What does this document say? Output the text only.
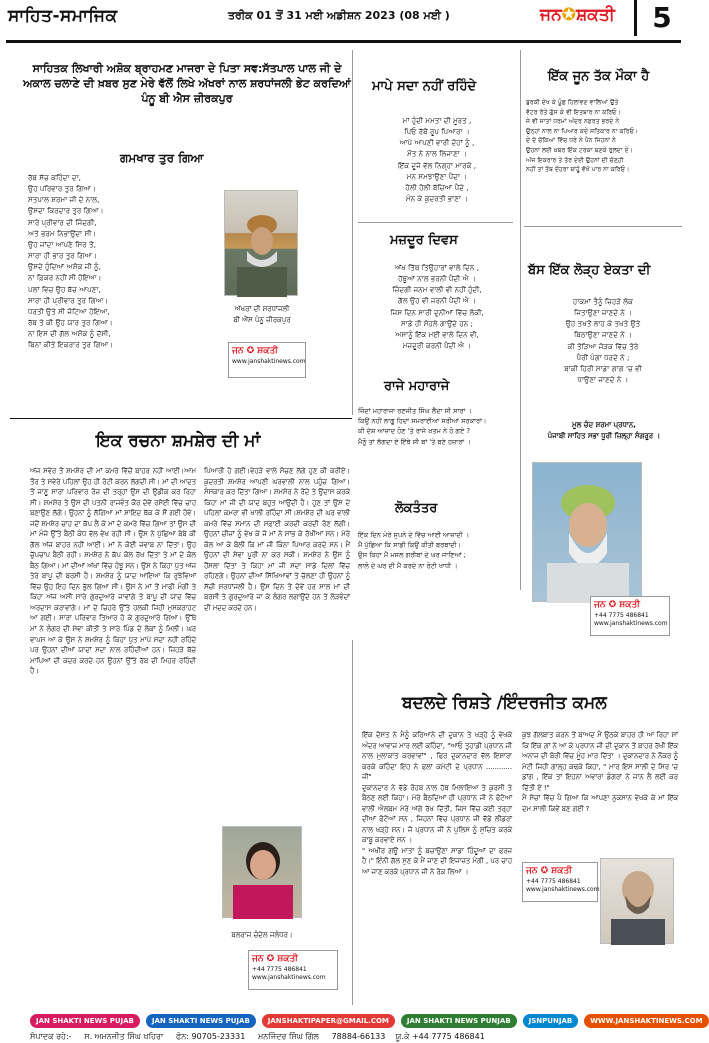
ਸਾਹਿਤ-ਸਮਾਜਿਕ	ਤਰੀਕ 01 ਤੋਂ 31 ਮਈ ਅਡੀਸ਼ਨ 2023 (08 ਮਈ )	ਜਨ✪ਸ਼ਕਤੀ	5
ਸਾਹਿਤਕ ਲਿਖਾਰੀ ਅਸ਼ੋਕ ਬ੍ਰਾਹਮਣ ਮਾਜਰਾ ਦੇ ਪਿਤਾ ਸਵ:ਸੱਤਪਾਲ ਪਾਲ ਜੀ ਦੇ ਅਕਾਲ ਚਲਾਣੇ ਦੀ ਖ਼ਬਰ ਸੁਣ ਮੇਰੇ ਵੱਲੋਂ ਲਿਖੇ ਅੱਖਰਾਂ ਨਾਲ ਸ਼ਰਧਾਂਜਲੀ ਭੇਟ ਕਰਦਿਆਂ ਪੰਨੂ ਬੀ ਐਸ ਜ਼ੀਰਕਪੁਰ
ਗਮਖਾਰ ਤੁਰ ਗਿਆ
ਰੱਬ ਸੱਚ ਕਹਿੰਦਾ ਦਾ,
ਉਹ ਪਰਿਵਾਰ ਤੁਰ ਗਿਆ।
ਸਤਪਾਲ ਸ਼ਰਮਾ ਜੀ ਦੇ ਨਾਲ,
ਉਸਦਾ ਕਿਰਦਾਰ ਤੁਰ ਗਿਆ।
ਸਾਰੇ ਪ੍ਰੀਵਾਰ ਦੀ ਜਿੰਦਗੀ,
ਅਤੇ ਭਰਮ ਨਿਭਾਉਂਦਾ ਸੀ।
ਉਹ ਜਾਂਦਾ ਆਪਣੇ ਸਿਰ ਤੋਂ,
ਸਾਰਾ ਹੀ ਭਾਰ ਤੁਰ ਗਿਆ।
ਉਸਦੇ ਹੁੰਦਿਆਂ ਅਸ਼ੋਕ ਜੀ ਨੂੰ,
ਨਾ ਫ਼ਿਕਰ ਨਹੀਂ ਸੀ ਹੋਇਆ।
ਪਲਾਂ ਵਿਚ ਉਹ ਬੱਚ ਆਪਣਾ,
ਸਾਰਾ ਹੀ ਪ੍ਰੀਵਾਰ ਤੁਰ ਗਿਆ।
ਧਰਤੀ ਉਤੇ ਸੀ ਜੋਟਿਆ ਹੋਇਆ,
ਰੱਬ ਤੇ ਕੀ ਉਹ ਯਾਰ ਤੁਰ ਗਿਆ।
ਨਾ ਇਸ ਦੀ ਗੱਲ ਅਸ਼ੋਕ ਨੂੰ ਦੱਸੀ,
ਬਿਨਾਂ ਕੀਤੇ ਇਕਰਾਰ ਤੁਰ ਗਿਆ।
ਅੱਖਰਾਂ ਦੀ ਸ਼ਰਧਾਂਜਲੀ
ਬੀ ਐੱਸ ਪੰਨੂ ਜ਼ੀਰਕਪੁਰ
ਜਨ ✪ ਸ਼ਕਤੀ
www.janshaktinews.com
ਮਾਪੇ ਸਦਾ ਨਹੀਂ ਰਹਿੰਦੇ
ਮਾਂ ਹੁੰਦੀ ਮਮਤਾ ਦੀ ਮੂਰਤ ,
ਪਿਓ ਰੱਬੋਂ ਰੂਪ ਪਿਆਰਾ ।
ਆਪੇ ਆਪਣੀ ਵਾਰੀ ਦੋਹਾਂ ਨੂੰ ,
ਮੌਤ ਨੇ ਨਾਲ ਲਿਜਾਣਾ ।
ਇੱਕ ਦੂਜੇ ਵੱਲ ਨਿਗ੍ਹਾ ਮਾਰਕੇ ,
ਮਨ ਸਮਝਾਉਣਾ ਪੈਂਦਾ ।
ਹੋਲੀ ਹੋਲੀ ਬੱਚਿਆਂ ਪੈਂਦੇ ,
ਮੰਨ ਕੇ ਕੁਦਰਤੀ ਭਾਣਾ ।
ਮਜ਼ਦੂਰ ਦਿਵਸ
ਅੱਖ ਤਿੱਥ ਤਿਉਹਾਰਾਂ ਵਾਲੇ ਦਿਨ ,
ਹੱਥੂਆਂ ਨਾਲ ਭਰਨੀ ਪੈਂਦੀ ਐ ।
ਜ਼ਿੰਦਗੀ ਜਨਮ ਵਾਲੀ ਵੀ ਨਹੀਂ ਹੁੰਦੀ,
ਗੱਲ ਉਹ ਵੀ ਜਰਨੀ ਪੈਂਦੀ ਐ ।
ਜਿਸ ਦਿਨ ਸਾਰੀ ਦੁਨੀਆਂ ਵਿੱਚ ਲੋਕੀਂ,
ਸਾਡੇ ਹੀ ਸੋਹਲੇ ਗਾਉਂਦੇ ਹਨ ;
ਅਸਾਨੂੰ ਇੱਕ ਮਈ ਵਾਲੇ ਦਿਨ ਵੀ,
ਮਜ਼ਦੂਰੀ ਕਰਨੀ ਪੈਂਦੀ ਐ ।
ਰਾਜੇ ਮਹਾਰਾਜੇ
ਜਿੰਦਾਂ ਮਹਾਰਾਜਾ ਰਣਜੀਤ ਸਿੰਘ ਲੈਂਦਾ ਸੀ ਸਾਰਾਂ ।
ਕਿਉਂ ਨਹੀਂ ਲਾਗੂ ਹਿਦਾਂ ਸਮਰਾਈਆਂ ਸਰੀਆਂ ਸਰਕਾਰਾਂ।
ਕੀ ਦੇਸ਼ ਆਜ਼ਾਦ ਹੋਣ 'ਤੇ ਰਾਜੇ ਖ਼ਤਮ ਨੇ ਹੋ ਗਏ ?
ਮੈਨੂੰ ਤਾਂ ਲੱਗਦਾ ਏ ਇੱਥੇ ਸੀ ਬਾਂ 'ਤੇ ਬਣੇ ਹਜ਼ਾਰਾਂ ।
ਲੋਕਤੰਤਰ
ਇੱਕ ਦਿਨ ਮੇਰੇ ਸੁਪਨੇ ਦੇ ਵਿੱਚ ਆਈ ਆਜ਼ਾਦੀ ।
ਮੈਂ ਪੁੱਛਿਆ ਕਿ ਸਾਡੀ ਕਿਉਂ ਕੀਤੀ ਬਰਬਾਦੀ।
ਉਸ ਕਿਹਾ ਮੈਂ ਮਸਲ ਗਰੀਬਾਂ ਦੇ ਘਰ ਜਾਣਿਆਂ ;
ਲਾਲੋ ਦੇ ਘਰ ਦੀ ਮੈਂ ਕਰਦੇ ਨਾ ਰੋਟੀ ਖਾਧੀ ।
ਇੱਕ ਜੂਨ ਤੱਕ ਮੌਕਾ ਹੈ
ਬੁਰਕੀ ਦੇਖ ਕੇ ਪੂੰਛ ਹਿਲਾਵਣ ਵਾਲਿਆਂ ਉਤੇ
ਵੋਟਰ ਰੱਤੇ ਗੁੱਸ ਕੇ ਵੀ ਇਤਬਾਰ ਨਾ ਕਰਿਓ।
ਜੇ ਵੀ ਜਾਤਾਂ ਧਰਮਾਂ ਅੰਦਰ ਨਫ਼ਰਤ ਭਰਦੇ ਨੇ
ਉਨ੍ਹਾਂ ਨਾਲ ਨਾ ਪਿਆਰ ਕਦੇ ਸਤਿਕਾਰ ਨਾ ਕਰਿਓ।
ਦੇ ਦੋ ਚੋਂਕਿਆਂ ਵਿੱਚ ਧਰੇ ਨੇ ਪੈਨ ਜਿਹਨਾਂ ਨੇ
ਉਹਨਾਂ ਲਈ ਖ਼ਬਰ ਇੱਕ ਟਰਕਾ ਬਣਕੇ ਰੁਲਦਾ ਏ।
ਅੱਜ ਇਕਰਾਰ ਤੇ ਤੋਰ ਦੇਈ ਉਹਨਾਂ ਦੀ ਚੋਣ੍ਹੀ
ਨਹੀਂ ਤਾਂ ਤੋਬ ਦੋਹਰਾ ਬਾਂਹੂੰ ਵੱਖੋਂ ਪਾਰ ਨਾ ਕਰਿਓ।
ਬੱਸ ਇੱਕ ਲੋੜ੍ਹ ਏਕਤਾ ਦੀ
ਹਾਕਮਾਂ ਤੈਨੂੰ ਜ਼ਿਹੜੇ ਲੋਕ
ਜਿਤਾਉਣਾ ਜਾਣਦੇ ਨੇ ।
ਉਹ ਤਖਤੋਂ ਲਾਹ ਕੇ ਤਖਤੇ ਉਤੇ
ਬਿਠਾਉਣਾ ਜਾਣਦੇ ਨੇ ।
ਕੀ ਤੋੜਿਆ ਜੋੜਕ ਵਿੱਚ ਤੋਰੇ
ਪੈਰੀਂ ਪੰਗਾ ਧਰਦੇ ਨੇ ;
ਬਾਕੀ ਹਿਰੀ ਸਾਡਾ ਗਾਗ 'ਚ ਵੀ
ਧਾਉਣਾ ਜਾਣਦੇ ਨੇ ।
ਮੂਲ ਚੰਦ ਸ਼ਰਮਾ ਪ੍ਰਧਾਨ,
ਪੰਜਾਬੀ ਸਾਹਿਤ ਸਭਾ ਧੂਰੀ ਜ਼ਿਲ੍ਹਾ ਸੰਗਰੂਰ ।
ਜਨ ✪ ਸ਼ਕਤੀ
+44 7775 486841
www.janshaktinews.com
ਇਕ ਰਚਨਾ ਸ਼ਮਸ਼ੇਰ ਦੀ ਮਾਂ
ਅੱਜ ਸਵੇਰ ਤੋਂ ਸ਼ਮਸ਼ੇਰ ਦੀ ਮਾਂ ਕਮਰੇ ਵਿੱਚੋਂ ਬਾਹਰ ਨਹੀਂ ਆਈ।ਆਮ ਤੌਰ ਤੇ ਸਵੇਰੇ ਪਹਿਲਾਂ ਉਹ ਹੀ ਰੋਟੀ ਕਰਨ ਲੱਗਦੀ ਸੀ। ਮਾਂ ਦੀ ਆਦਤ ਤੋਂ ਜਾਣੂ ਸਾਰਾ ਪਰਿਵਾਰ ਰੋਜ਼ ਦੀ ਤਰ੍ਹਾਂ ਉਸ ਦੀ ਉਡੀਕ ਕਰ ਰਿਹਾ ਸੀ। ਸ਼ਮਸ਼ੇਰ ਤੇ ਉਸ ਦੀ ਪਤਨੀ ਰਾਜਵੰਤ ਕੌਰ ਦੋਵੇਂ ਰਸੋਈ ਵਿੱਚ ਚਾਹ ਬਣਾਉਣ ਲੱਗੇ। ਉਹਨਾਂ ਨੂੰ ਲੱਗਿਆ ਮਾਂ ਸ਼ਾਇਦ ਥੱਕ ਕੇ ਸੌਂ ਗਈ ਹੋਵੇ। ਜਦੋਂ ਸ਼ਮਸ਼ੇਰ ਚਾਹ ਦਾ ਕੱਪ ਲੈ ਕੇ ਮਾਂ ਦੇ ਕਮਰੇ ਵਿੱਚ ਗਿਆ ਤਾਂ ਉਸ ਦੀ ਮਾਂ ਮੰਜੇ ਉੱਤੇ ਬੈਠੀ ਕੰਧ ਵੱਲ ਵੇਖ ਰਹੀ ਸੀ। ਉਸ ਨੇ ਪੁੱਛਿਆ ਬੇਬੇ ਕੀ ਗੱਲ ਅੱਜ ਬਾਹਰ ਨਹੀਂ ਆਈ। ਮਾਂ ਨੇ ਕੋਈ ਜਵਾਬ ਨਾ ਦਿੱਤਾ। ਉਹ ਚੁੱਪਚਾਪ ਬੈਠੀ ਰਹੀ। ਸ਼ਮਸ਼ੇਰ ਨੇ ਕੱਪ ਕੋਲ ਰੱਖ ਦਿੱਤਾ ਤੇ ਮਾਂ ਦੇ ਕੋਲ ਬੈਠ ਗਿਆ। ਮਾਂ ਦੀਆਂ ਅੱਖਾਂ ਵਿੱਚ ਹੰਝੂ ਸਨ। ਉਸ ਨੇ ਕਿਹਾ ਪੁੱਤ ਅੱਜ ਤੇਰੇ ਬਾਪੂ ਦੀ ਬਰਸੀ ਹੈ। ਸ਼ਮਸ਼ੇਰ ਨੂੰ ਯਾਦ ਆਇਆ ਕਿ ਰੁਝੇਵਿਆਂ ਵਿੱਚ ਉਹ ਇਹ ਦਿਨ ਭੁੱਲ ਗਿਆ ਸੀ। ਉਸ ਨੇ ਮਾਂ ਤੋਂ ਮਾਫੀ ਮੰਗੀ ਤੇ ਕਿਹਾ ਅੱਜ ਅਸੀਂ ਸਾਰੇ ਗੁਰਦੁਆਰੇ ਜਾਵਾਂਗੇ ਤੇ ਬਾਪੂ ਦੀ ਯਾਦ ਵਿੱਚ ਅਰਦਾਸ ਕਰਾਵਾਂਗੇ। ਮਾਂ ਦੇ ਚਿਹਰੇ ਉੱਤੇ ਹਲਕੀ ਜਿਹੀ ਮੁਸਕਰਾਹਟ ਆ ਗਈ। ਸਾਰਾ ਪਰਿਵਾਰ ਤਿਆਰ ਹੋ ਕੇ ਗੁਰਦੁਆਰੇ ਗਿਆ। ਉੱਥੇ ਮਾਂ ਨੇ ਲੰਗਰ ਦੀ ਸੇਵਾ ਕੀਤੀ ਤੇ ਸਾਰੇ ਪਿੰਡ ਦੇ ਲੋਕਾਂ ਨੂੰ ਮਿਲੀ। ਘਰ ਵਾਪਸ ਆ ਕੇ ਉਸ ਨੇ ਸ਼ਮਸ਼ੇਰ ਨੂੰ ਕਿਹਾ ਪੁੱਤ ਮਾਪੇ ਸਦਾ ਨਹੀਂ ਰਹਿੰਦੇ ਪਰ ਉਹਨਾਂ ਦੀਆਂ ਯਾਦਾਂ ਸਦਾ ਨਾਲ ਰਹਿੰਦੀਆਂ ਹਨ। ਜਿਹੜੇ ਬੱਚੇ ਮਾਪਿਆਂ ਦੀ ਕਦਰ ਕਰਦੇ ਹਨ ਉਹਨਾਂ ਉੱਤੇ ਰੱਬ ਦੀ ਮਿਹਰ ਰਹਿੰਦੀ ਹੈ।
ਪਿਆਰੀ ਹੋ ਗਈ।ਵੇਹੜੇ ਵਾਲੇ ਸੋਚਣ ਲੱਗੇ ਹੁਣ ਕੀ ਕਰੀਏ। ਕੁਦਰਤੀ ਸ਼ਮਸ਼ੇਰ ਆਪਣੀ ਘਰਵਾਲੀ ਨਾਲ ਪਹੁੰਚ ਗਿਆ। ਸੰਸਕਾਰ ਕਰ ਦਿੱਤਾ ਗਿਆ। ਸ਼ਮਸ਼ੇਰ ਨੇ ਰੋਂਦੇ ਤੇ ਉਦਾਸ ਕਰਕੇ ਕਿਹਾ ਮਾਂ ਜੀ ਦੀ ਯਾਦ ਬਹੁਤ ਆਉਂਦੀ ਹੈ। ਹੁਣ ਤਾਂ ਉਸ ਦੇ ਪਹਿਲਾਂ ਕਮਰਾ ਵੀ ਖਾਲੀ ਰਹਿੰਦਾ ਸੀ।ਸ਼ਮਸ਼ੇਰ ਦੀ ਘਰ ਵਾਲੀ ਕਮਰੇ ਵਿੱਚ ਸਮਾਨ ਦੀ ਸਫ਼ਾਈ ਕਰਦੀ ਕਰਦੀ ਰੋਣ ਲੱਗੀ। ਉਹਨਾਂ ਚੀਜ਼ਾਂ ਨੂੰ ਵੇਖ ਕੇ ਜੋ ਮਾਂ ਨੇ ਸਾਂਭ ਕੇ ਰੱਖੀਆਂ ਸਨ। ਮੇਰੇ ਕੋਲ ਆ ਕੇ ਬੋਲੀ ਕਿ ਮਾਂ ਜੀ ਕਿੰਨਾ ਪਿਆਰ ਕਰਦੇ ਸਨ। ਮੈਂ ਉਹਨਾਂ ਦੀ ਸੇਵਾ ਪੂਰੀ ਨਾ ਕਰ ਸਕੀ। ਸ਼ਮਸ਼ੇਰ ਨੇ ਉਸ ਨੂੰ ਹੌਂਸਲਾ ਦਿੱਤਾ ਤੇ ਕਿਹਾ ਮਾਂ ਜੀ ਸਦਾ ਸਾਡੇ ਦਿਲਾਂ ਵਿੱਚ ਰਹਿਣਗੇ। ਉਹਨਾਂ ਦੀਆਂ ਸਿੱਖਿਆਵਾਂ ਤੇ ਚੱਲਣਾ ਹੀ ਉਹਨਾਂ ਨੂੰ ਸੱਚੀ ਸ਼ਰਧਾਂਜਲੀ ਹੈ। ਉਸ ਦਿਨ ਤੋਂ ਦੋਵੇਂ ਹਰ ਸਾਲ ਮਾਂ ਦੀ ਬਰਸੀ ਤੇ ਗੁਰਦੁਆਰੇ ਜਾ ਕੇ ਲੰਗਰ ਲਗਾਉਂਦੇ ਹਨ ਤੇ ਲੋੜਵੰਦਾਂ ਦੀ ਮਦਦ ਕਰਦੇ ਹਨ।
ਬਲਰਾਜ ਚੰਦੇਲ ਜਲੰਧਰ।
ਜਨ ✪ ਸ਼ਕਤੀ
+44 7775 486841
www.janshaktinews.com
ਬਦਲਦੇ ਰਿਸ਼ਤੇ /ਇੰਦਰਜੀਤ ਕਮਲ
ਇੱਕ ਦੋਸਤ ਨੇ ਮੈਨੂੰ ਕਰਿਆਨੇ ਦੀ ਦੁਕਾਨ ਤੇ ਖੜ੍ਹੇ ਨੂੰ ਵੇਖਕੇ ਅੰਦਰ ਆਵਾਜ਼ ਮਾਰ ਲਈ ਕਹਿੰਦਾ, "ਆਓ ਤੁਹਾਡੀ ਪ੍ਰਧਾਨ ਜੀ ਨਾਲ ਮੁਲਾਕਾਤ ਕਰਵਾਵਾਂ" , ਫਿਰ ਦੁਕਾਨਦਾਰ ਵੱਲ ਇਸ਼ਾਰਾ ਕਰਕੇ ਕਹਿੰਦਾ ਇਹ ਨੇ ਫਲਾਂ ਕਮੇਟੀ ਦੇ ਪ੍ਰਧਾਨ ............ ਜੀ"
ਦੁਕਾਨਦਾਰ ਨੇ ਵੱਡੇ ਰੋਹਬ ਨਾਲ ਹੱਥ ਮਿਲਾਇਆ ਤੇ ਕੁਰਸੀ ਤੇ ਬੈਠਣ ਲਈ ਕਿਹਾ। ਮੇਰੇ ਬੈਠਦਿਆਂ ਹੀ ਪ੍ਰਧਾਨ ਜੀ ਨੇ ਫੋਟੋਆਂ ਵਾਲੀ ਐਲਬਮ ਮੇਰੇ ਅੱਗੇ ਰੱਖ ਦਿੱਤੀ, ਜਿਸ ਵਿੱਚ ਕਈ ਤਰ੍ਹਾਂ ਦੀਆਂ ਫੋਟੋਆਂ ਸਨ , ਜਿਹਨਾਂ ਵਿੱਚ ਪ੍ਰਧਾਨ ਜੀ ਵੱਡੇ ਲੀਡਰਾਂ ਨਾਲ ਖੜ੍ਹੇ ਸਨ। ਜੋ ਪ੍ਰਧਾਨ ਜੀ ਨੇ ਪੁਲਿਸ ਨੂੰ ਸੁਚਿਤ ਕਰਕੇ ਕਾਬੂ ਕਰਵਾਏ ਸਨ ।
" ਅਖੀਰ ਗਊ ਮਾਤਾ ਨੂੰ ਬਚਾਉਣਾ ਸਾਡਾ ਹਿੰਦੂਆਂ ਦਾ ਫਰਜ਼ ਹੈ।" ਇੰਨੀ ਗੱਲ ਸੁਣ ਕੇ ਮੈਂ ਜਾਣ ਦੀ ਇਜਾਜ਼ਤ ਮੰਗੀ , ਪਰ ਚਾਹ ਆ ਜਾਣ ਕਰਕੇ ਪ੍ਰਧਾਨ ਜੀ ਨੇ ਰੋਕ ਲਿਆ ।
ਕੁਝ ਗੱਲਬਾਤ ਕਰਨ ਤੋਂ ਬਾਅਦ ਮੈਂ ਉਠਕੇ ਬਾਹਰ ਹੀ ਆ ਰਿਹਾ ਸਾਂ ਕਿ ਇੱਕ ਗਾਂ ਨੇ ਆ ਕੇ ਪ੍ਰਧਾਨ ਜੀ ਦੀ ਦੁਕਾਨ ਤੋਂ ਬਾਹਰ ਰੱਖੀ ਇੱਕ ਅਨਾਜ ਦੀ ਬੋਰੀ ਵਿੱਚ ਮੂੰਹ ਮਾਰ ਦਿੱਤਾ । ਦੁਕਾਨਦਾਰ ਨੇ ਨੌਕਰ ਨੂੰ ਮੋਟੀ ਜਿਹੀ ਗਾਲ੍ਹ ਕਢਕੇ ਕਿਹਾ, " ਮਾਰ ਇਸ ਸਾਲੀ ਦੇ ਸਿਰ 'ਚ ਡਾਂਗ , ਇੱਕ ਤਾਂ ਇਹਨਾ ਅਵਾਰਾ ਡੰਗਰਾਂ ਨੇ ਜਾਨ ਲੈ ਲਈ ਕਰ ਦਿੱਤੀ ਏ !"
ਮੈਂ ਸੋਚਾਂ ਵਿੱਚ ਪੈ ਗਿਆ ਕਿ ਆਪਣਾ ਨੁਕਸਾਨ ਵੇਖਕੇ ਕੇ ਮਾਂ ਇੱਕ ਦਮ ਸਾਲੀ ਕਿਵੇਂ ਬਣ ਗਈ ?
ਜਨ ✪ ਸ਼ਕਤੀ
+44 7775 486841
www.janshaktinews.com
JAN SHAKTI NEWS PUJAB	JAN SHAKTI NEWS PUJAB	JANSHAKTIPAPER@GMAIL.COM	JAN SHAKTI NEWS PUNJAB	JSNPUNJAB	WWW.JANSHAKTINEWS.COM
ਸੰਪਾਦਕ ਰਹੇ:- ਸ. ਅਮਨਜੀਤ ਸਿੰਘ ਖਹਿਰਾ ਫੋਨ: 90705-23331 ਮਨਜਿੰਦਰ ਸਿੰਘ ਗਿੱਲ 78884-66133 ਯੂ.ਕੇ +44 7775 486841
